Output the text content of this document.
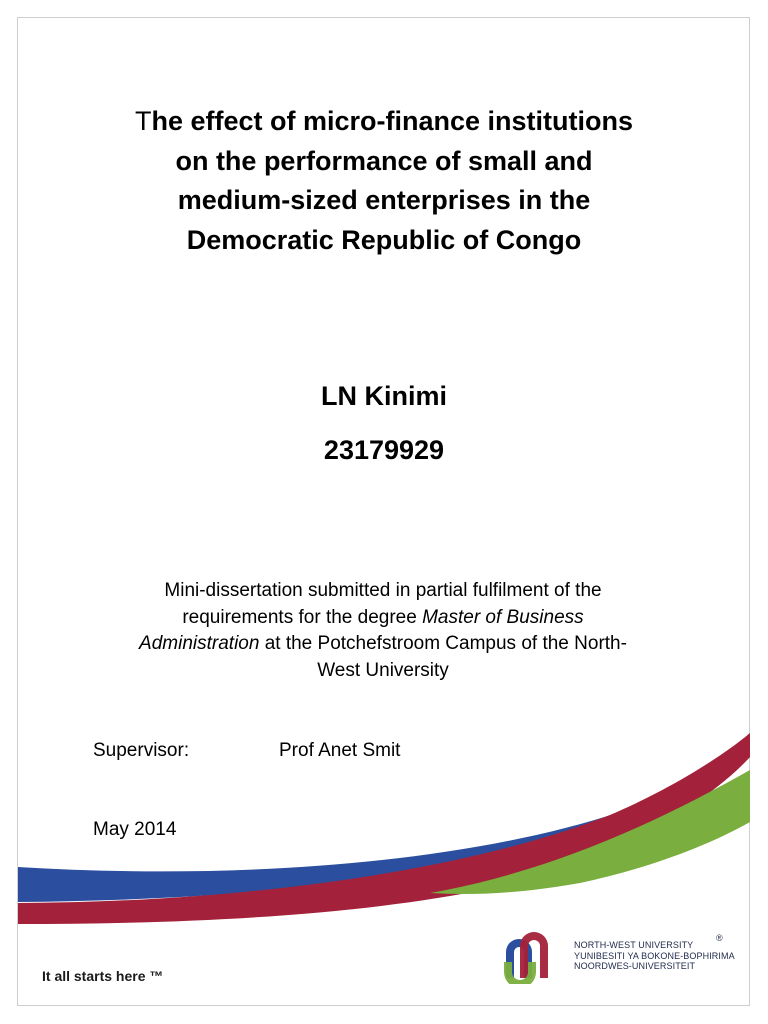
The effect of micro-finance institutions
on the performance of small and
medium-sized enterprises in the
Democratic Republic of Congo
LN Kinimi
23179929
Mini-dissertation submitted in partial fulfilment of the
requirements for the degree Master of Business
Administration at the Potchefstroom Campus of the North-
West University
Supervisor:	Prof Anet Smit
May 2014
It all starts here ™
NORTH-WEST UNIVERSITY
YUNIBESITI YA BOKONE-BOPHIRIMA
NOORDWES-UNIVERSITEIT
®
